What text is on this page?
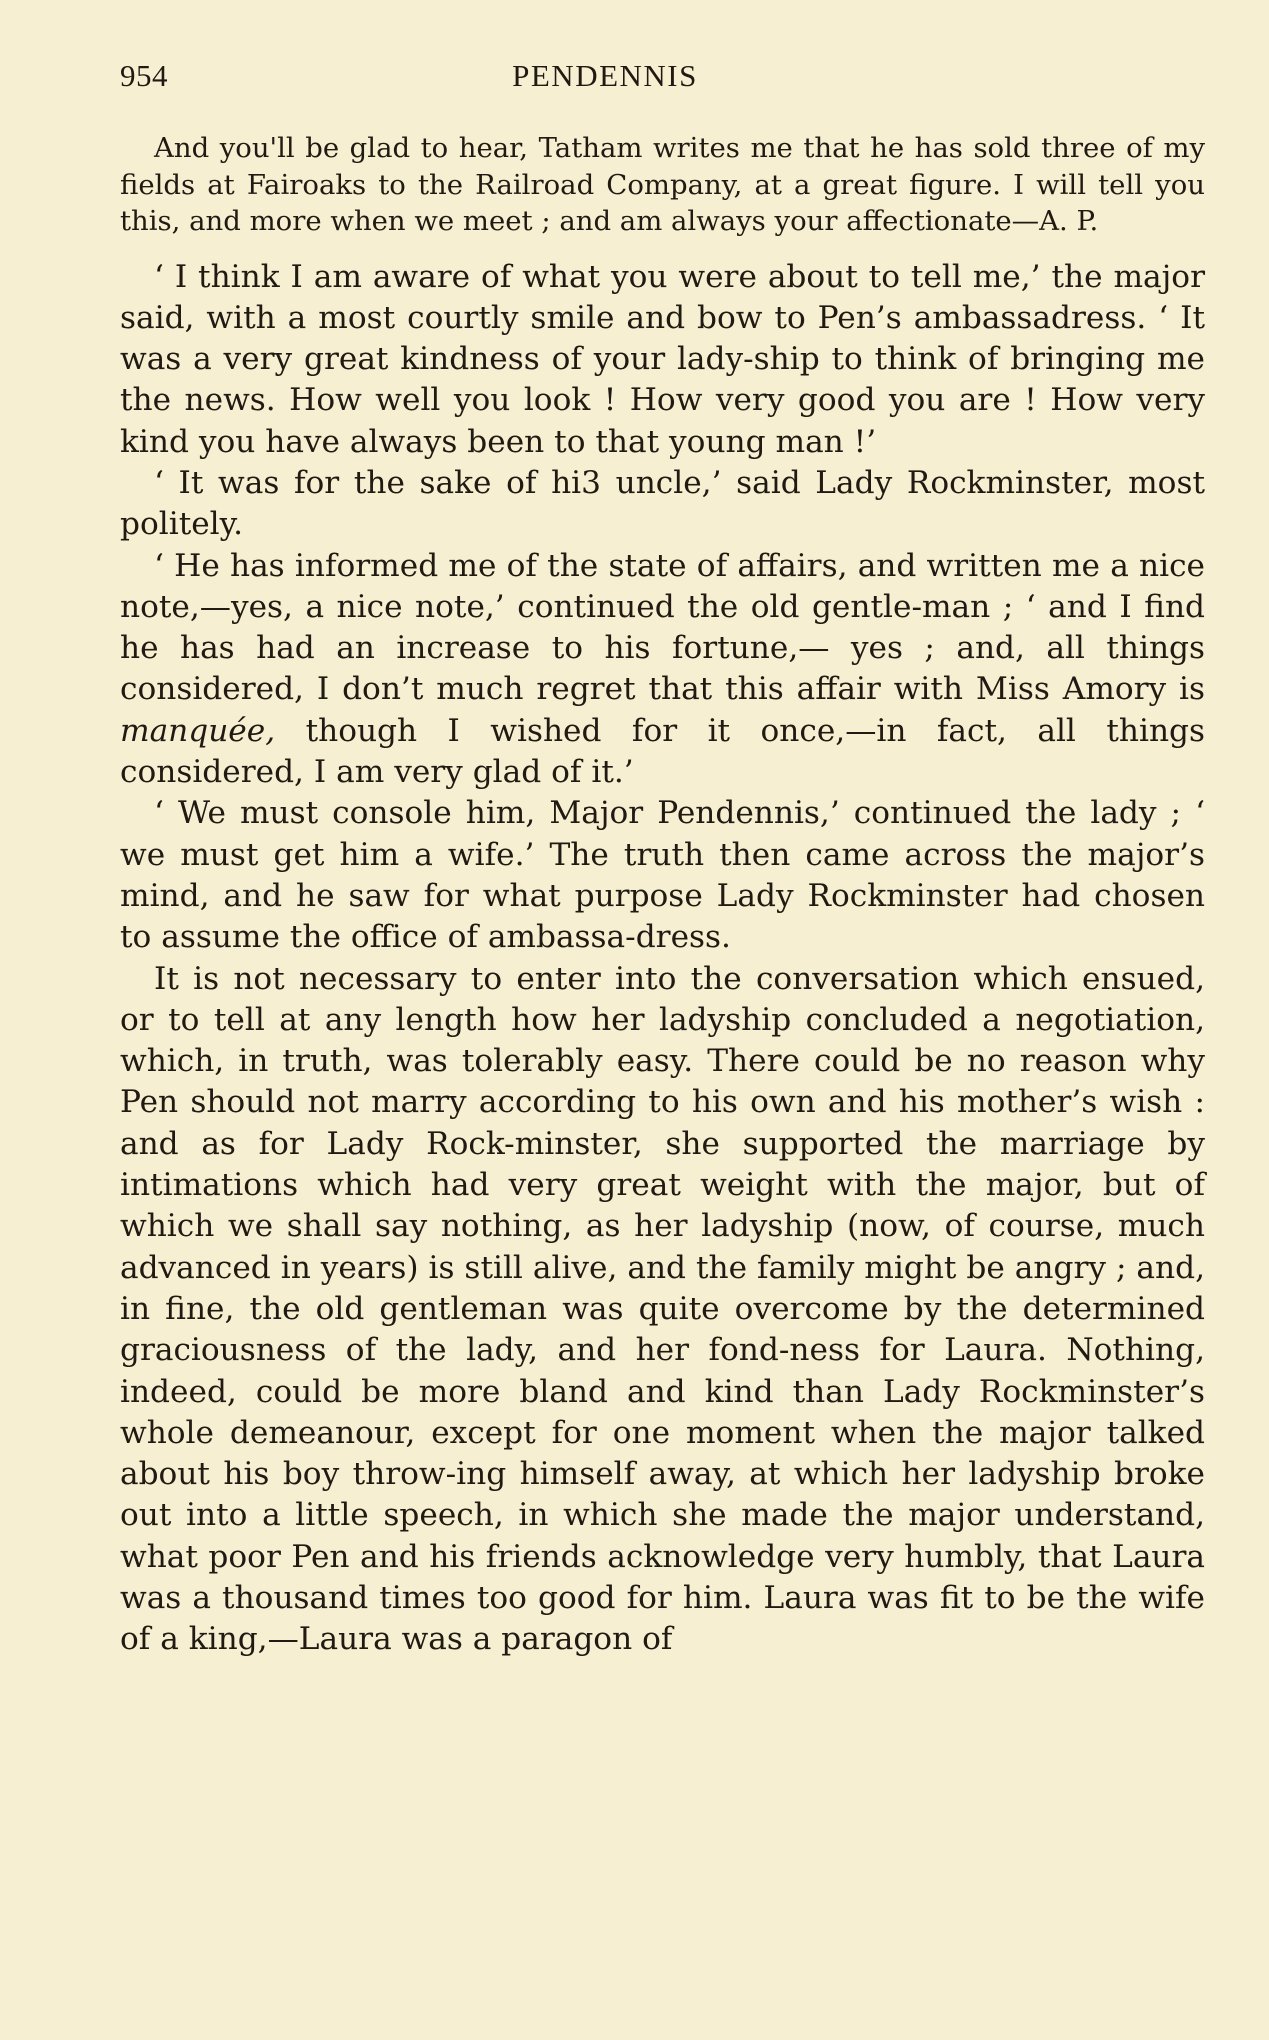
954	PENDENNIS

And you'll be glad to hear, Tatham writes me that he has sold three of my fields at Fairoaks to the Railroad Company, at a great figure. I will tell you this, and more when we meet ; and am always your affectionate—A. P.

‘ I think I am aware of what you were about to tell me,’ the major said, with a most courtly smile and bow to Pen’s ambassadress. ‘ It was a very great kindness of your lady-ship to think of bringing me the news. How well you look ! How very good you are ! How very kind you have always been to that young man !’

‘ It was for the sake of hi3 uncle,’ said Lady Rockminster, most politely.

‘ He has informed me of the state of affairs, and written me a nice note,—yes, a nice note,’ continued the old gentle-man ; ‘ and I find he has had an increase to his fortune,— yes ; and, all things considered, I don’t much regret that this affair with Miss Amory is manquée, though I wished for it once,—in fact, all things considered, I am very glad of it.’

‘ We must console him, Major Pendennis,’ continued the lady ; ‘ we must get him a wife.’ The truth then came across the major’s mind, and he saw for what purpose Lady Rockminster had chosen to assume the office of ambassa-dress.

It is not necessary to enter into the conversation which ensued, or to tell at any length how her ladyship concluded a negotiation, which, in truth, was tolerably easy. There could be no reason why Pen should not marry according to his own and his mother’s wish : and as for Lady Rock-minster, she supported the marriage by intimations which had very great weight with the major, but of which we shall say nothing, as her ladyship (now, of course, much advanced in years) is still alive, and the family might be angry ; and, in fine, the old gentleman was quite overcome by the determined graciousness of the lady, and her fond-ness for Laura. Nothing, indeed, could be more bland and kind than Lady Rockminster’s whole demeanour, except for one moment when the major talked about his boy throw-ing himself away, at which her ladyship broke out into a little speech, in which she made the major understand, what poor Pen and his friends acknowledge very humbly, that Laura was a thousand times too good for him. Laura was fit to be the wife of a king,—Laura was a paragon of
